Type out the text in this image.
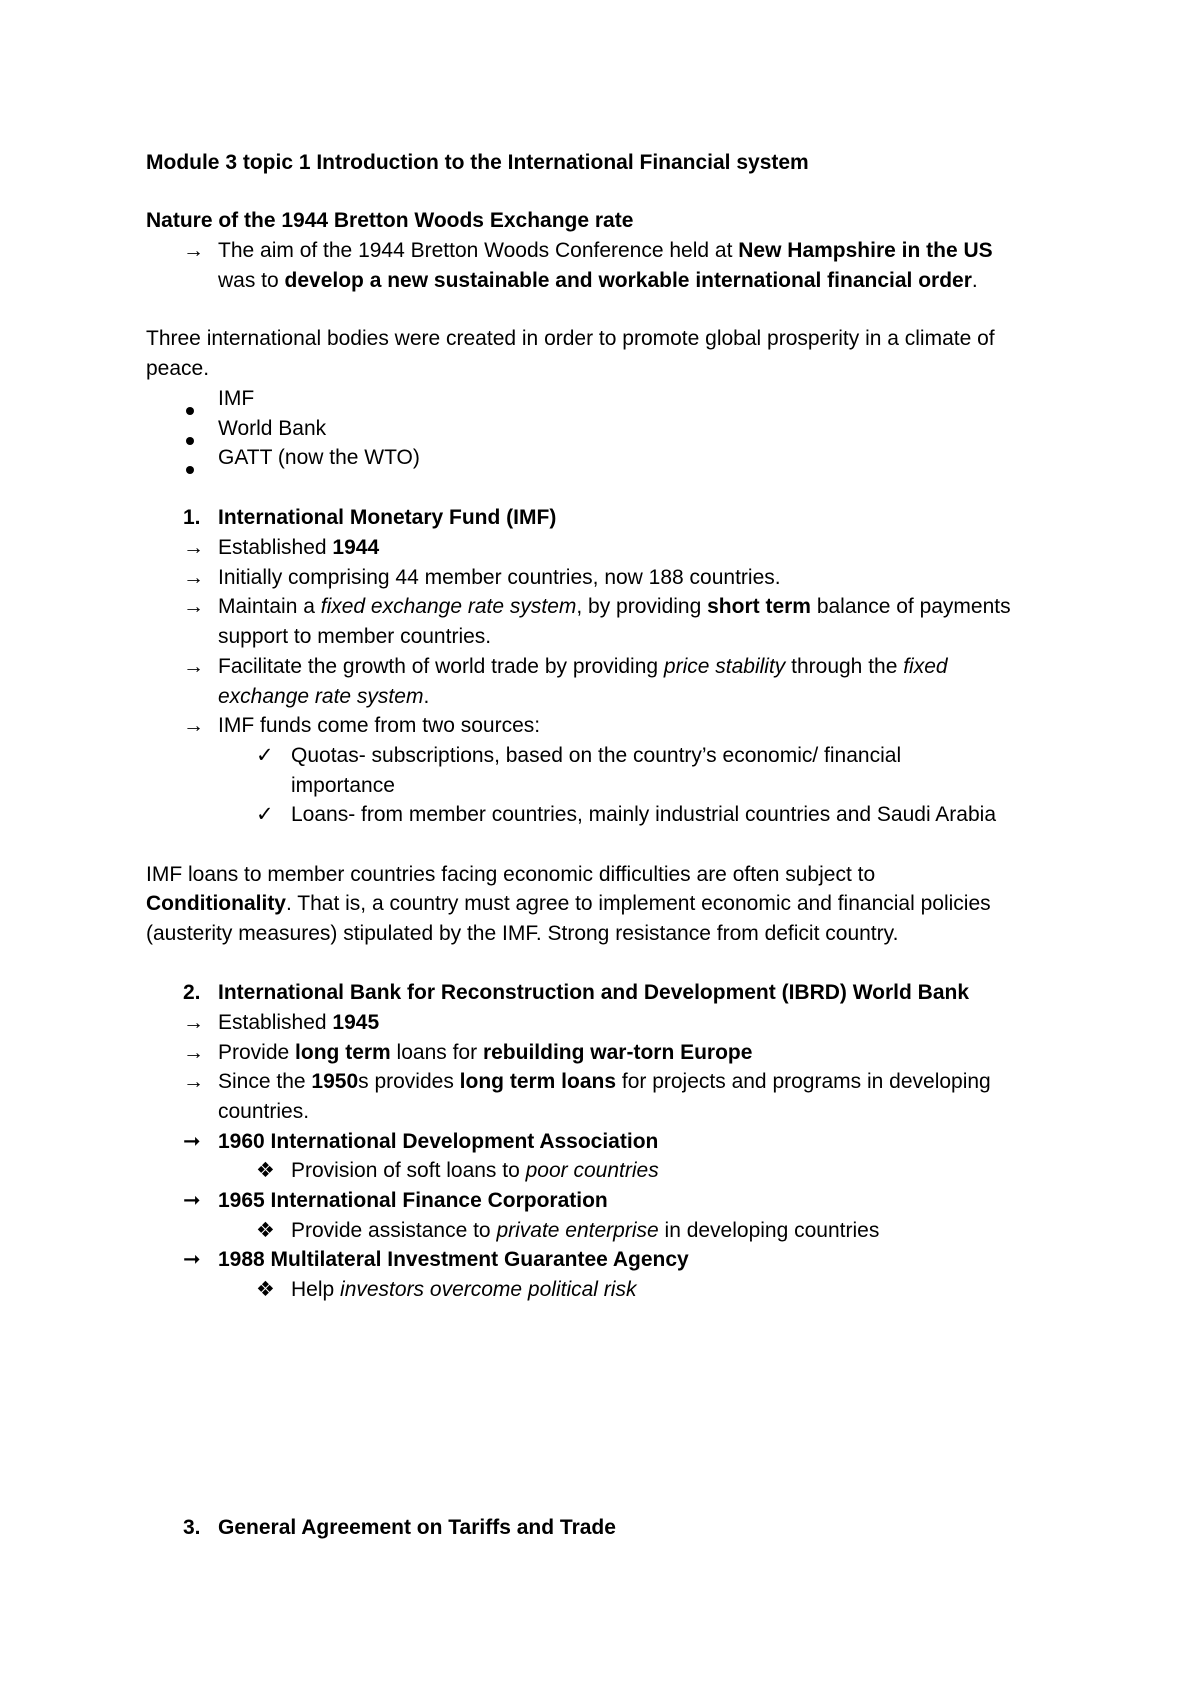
Module 3 topic 1 Introduction to the International Financial system
Nature of the 1944 Bretton Woods Exchange rate
→ The aim of the 1944 Bretton Woods Conference held at New Hampshire in the US
was to develop a new sustainable and workable international financial order.
Three international bodies were created in order to promote global prosperity in a climate of
peace.
IMF
World Bank
GATT (now the WTO)
1. International Monetary Fund (IMF)
→ Established 1944
→ Initially comprising 44 member countries, now 188 countries.
→ Maintain a fixed exchange rate system, by providing short term balance of payments
support to member countries.
→ Facilitate the growth of world trade by providing price stability through the fixed
exchange rate system.
→ IMF funds come from two sources:
✓ Quotas- subscriptions, based on the country’s economic/ financial
importance
✓ Loans- from member countries, mainly industrial countries and Saudi Arabia
IMF loans to member countries facing economic difficulties are often subject to
Conditionality. That is, a country must agree to implement economic and financial policies
(austerity measures) stipulated by the IMF. Strong resistance from deficit country.
2. International Bank for Reconstruction and Development (IBRD) World Bank
→ Established 1945
→ Provide long term loans for rebuilding war-torn Europe
→ Since the 1950s provides long term loans for projects and programs in developing
countries.
➞ 1960 International Development Association
❖ Provision of soft loans to poor countries
➞ 1965 International Finance Corporation
❖ Provide assistance to private enterprise in developing countries
➞ 1988 Multilateral Investment Guarantee Agency
❖ Help investors overcome political risk
3. General Agreement on Tariffs and Trade
